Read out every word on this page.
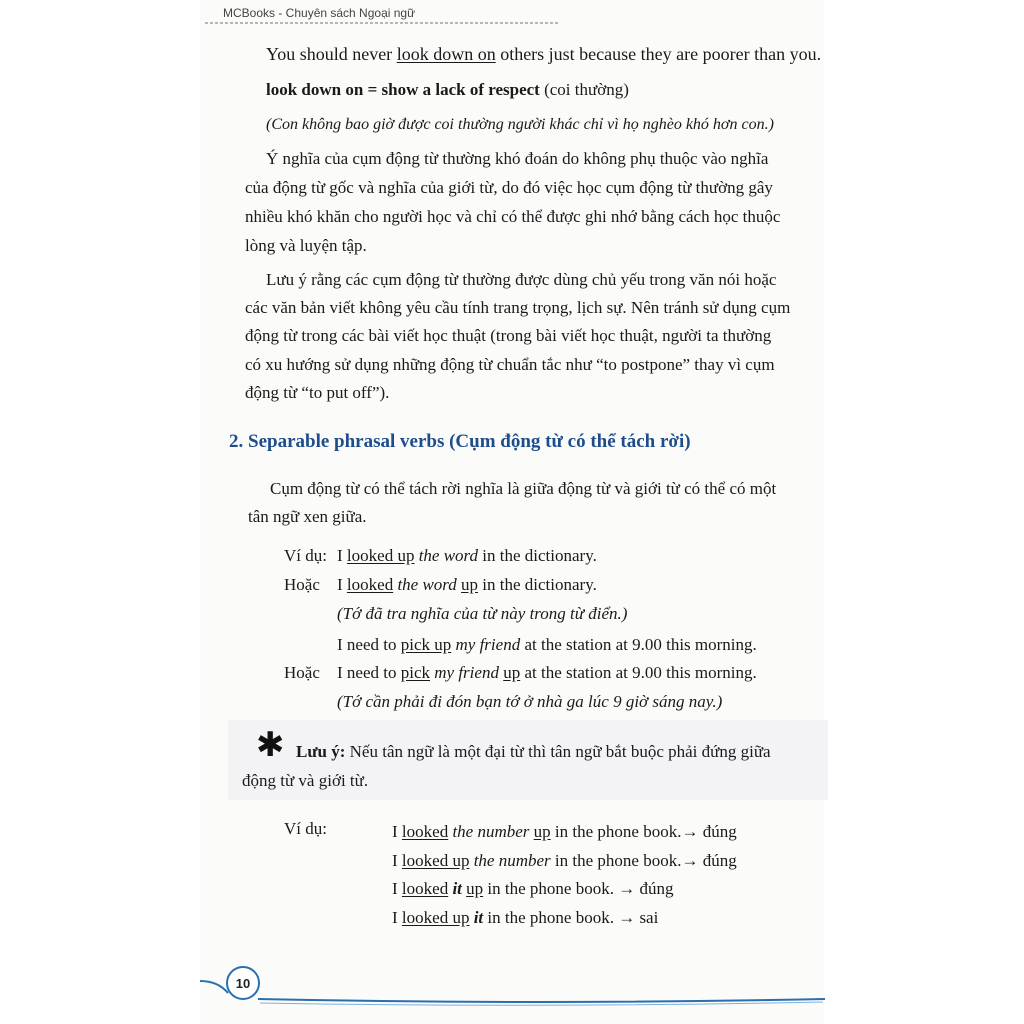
MCBooks - Chuyên sách Ngoại ngữ
You should never look down on others just because they are poorer than you.
look down on = show a lack of respect (coi thường)
(Con không bao giờ được coi thường người khác chỉ vì họ nghèo khó hơn con.)
Ý nghĩa của cụm động từ thường khó đoán do không phụ thuộc vào nghĩa
của động từ gốc và nghĩa của giới từ, do đó việc học cụm động từ thường gây
nhiều khó khăn cho người học và chỉ có thể được ghi nhớ bằng cách học thuộc
lòng và luyện tập.
Lưu ý rằng các cụm động từ thường được dùng chủ yếu trong văn nói hoặc
các văn bản viết không yêu cầu tính trang trọng, lịch sự. Nên tránh sử dụng cụm
động từ trong các bài viết học thuật (trong bài viết học thuật, người ta thường
có xu hướng sử dụng những động từ chuẩn tắc như “to postpone” thay vì cụm
động từ “to put off”).
2. Separable phrasal verbs (Cụm động từ có thể tách rời)
Cụm động từ có thể tách rời nghĩa là giữa động từ và giới từ có thể có một
tân ngữ xen giữa.
Ví dụ: I looked up the word in the dictionary.
Hoặc I looked the word up in the dictionary.
(Tớ đã tra nghĩa của từ này trong từ điển.)
I need to pick up my friend at the station at 9.00 this morning.
Hoặc I need to pick my friend up at the station at 9.00 this morning.
(Tớ cần phải đi đón bạn tớ ở nhà ga lúc 9 giờ sáng nay.)
✱ Lưu ý: Nếu tân ngữ là một đại từ thì tân ngữ bắt buộc phải đứng giữa
động từ và giới từ.
Ví dụ:	I looked the number up in the phone book.→ đúng
I looked up the number in the phone book.→ đúng
I looked it up in the phone book. → đúng
I looked up it in the phone book. → sai
10
